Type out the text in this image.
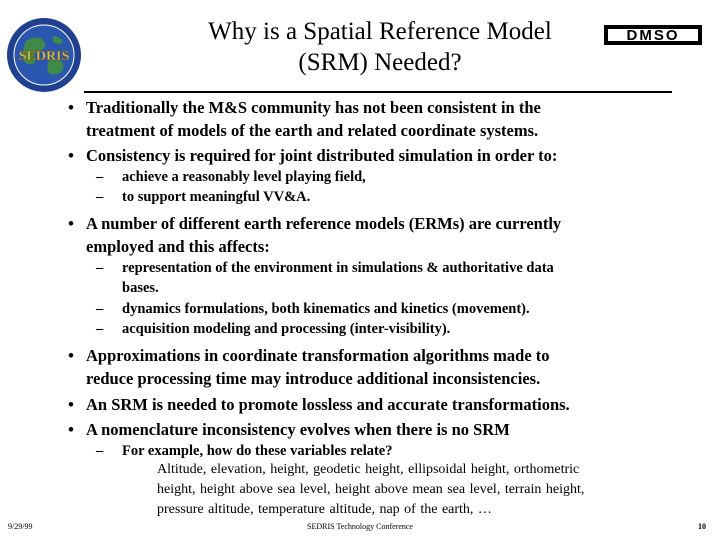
SEDRIS
DMSO
Why is a Spatial Reference Model
(SRM) Needed?
• Traditionally the M&S community has not been consistent in the
treatment of models of the earth and related coordinate systems.
• Consistency is required for joint distributed simulation in order to:
– achieve a reasonably level playing field,
– to support meaningful VV&A.
• A number of different earth reference models (ERMs) are currently
employed and this affects:
– representation of the environment in simulations & authoritative data
bases.
– dynamics formulations, both kinematics and kinetics (movement).
– acquisition modeling and processing (inter-visibility).
• Approximations in coordinate transformation algorithms made to
reduce processing time may introduce additional inconsistencies.
• An SRM is needed to promote lossless and accurate transformations.
• A nomenclature inconsistency evolves when there is no SRM
– For example, how do these variables relate?
Altitude, elevation, height, geodetic height, ellipsoidal height, orthometric
height, height above sea level, height above mean sea level, terrain height,
pressure altitude, temperature altitude, nap of the earth, …
9/29/99	SEDRIS Technology Conference	10
